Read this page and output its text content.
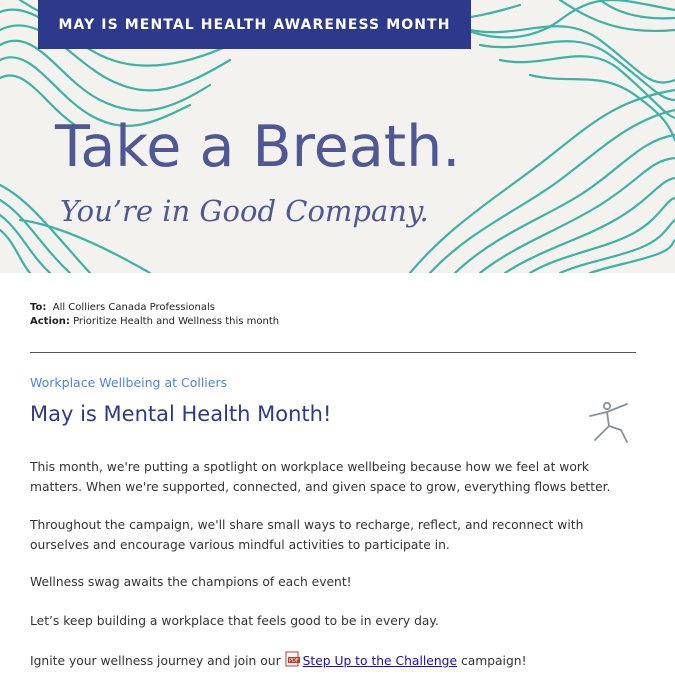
MAY IS MENTAL HEALTH AWARENESS MONTH
Take a Breath.
You’re in Good Company.
To: All Colliers Canada Professionals
Action: Prioritize Health and Wellness this month
Workplace Wellbeing at Colliers
May is Mental Health Month!

This month, we're putting a spotlight on workplace wellbeing because how we feel at work matters. When we're supported, connected, and given space to grow, everything flows better.

Throughout the campaign, we'll share small ways to recharge, reflect, and reconnect with ourselves and encourage various mindful activities to participate in.

Wellness swag awaits the champions of each event!

Let’s keep building a workplace that feels good to be in every day.

Ignite your wellness journey and join our PDF Step Up to the Challenge campaign!
